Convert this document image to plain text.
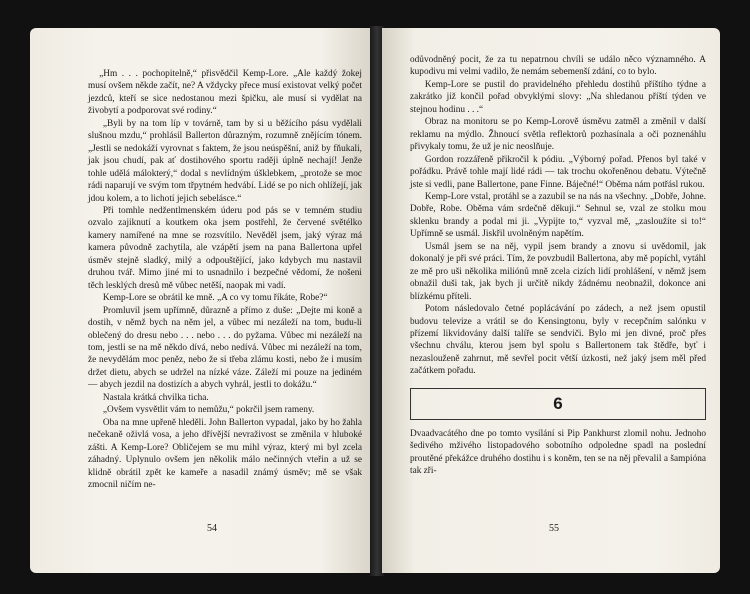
„Hm . . . pochopitelně,“ přisvědčil Kemp-Lore. „Ale každý žokej musí ovšem někde začít, ne? A vždycky přece musí existovat velký počet jezdců, kteří se sice nedostanou mezi špičku, ale musí si vydělat na živobytí a podporovat své rodiny.“

„Byli by na tom líp v továrně, tam by si u běžícího pásu vydělali slušnou mzdu,“ prohlásil Ballerton důrazným, rozumně znějícím tónem. „Jestli se nedokáží vyrovnat s faktem, že jsou neúspěšní, aniž by fňukali, jak jsou chudí, pak ať dostihového sportu raději úplně nechají! Jenže tohle udělá málokterý,“ dodal s nevlídným úšklebkem, „protože se moc rádi naparují ve svým tom třpytném hedvábí. Lidé se po nich ohlížejí, jak jdou kolem, a to lichotí jejich sebelásce.“

Při tomhle nedžentlmenském úderu pod pás se v temném studiu ozvalo zajiknutí a koutkem oka jsem postřehl, že červené světélko kamery namířené na mne se rozsvítilo. Nevěděl jsem, jaký výraz má kamera původně zachytila, ale vzápětí jsem na pana Ballertona upřel úsměv stejně sladký, milý a odpouštějící, jako kdybych mu nastavil druhou tvář. Mimo jiné mi to usnadnilo i bezpečné vědomí, že nošeni těch lesklých dresů mě vůbec netěší, naopak mi vadí.

Kemp-Lore se obrátil ke mně. „A co vy tomu říkáte, Robe?“

Promluvil jsem upřímně, důrazně a přímo z duše: „Dejte mi koně a dostih, v němž bych na něm jel, a vůbec mi nezáleží na tom, budu-li oblečený do dresu nebo . . . nebo . . . do pyžama. Vůbec mi nezáleží na tom, jestli se na mě někdo dívá, nebo nedívá. Vůbec mi nezáleží na tom, že nevydělám moc peněz, nebo že si třeba zlámu kosti, nebo že i musím držet dietu, abych se udržel na nízké váze. Záleží mi pouze na jediném — abych jezdil na dostizích a abych vyhrál, jestli to dokážu.“

Nastala krátká chvilka ticha.

„Ovšem vysvětlit vám to nemůžu,“ pokrčil jsem rameny.

Oba na mne upřeně hleděli. John Ballerton vypadal, jako by ho žahla nečekaně oživlá vosa, a jeho dřívější nevraživost se změnila v hluboké zášti. A Kemp-Lore? Obličejem se mu mihl výraz, který mi byl zcela záhadný. Uplynulo ovšem jen několik málo nečinných vteřin a už se klidně obrátil zpět ke kameře a nasadil známý úsměv; mě se však zmocnil ničím ne-

54

odůvodněný pocit, že za tu nepatrnou chvíli se událo něco významného. A kupodivu mi velmi vadilo, že nemám sebemenší zdání, co to bylo.

Kemp-Lore se pustil do pravidelného přehledu dostihů příštího týdne a zakrátko již končil pořad obvyklými slovy: „Na shledanou příští týden ve stejnou hodinu . . .“

Obraz na monitoru se po Kemp-Lorově úsměvu zatměl a změnil v další reklamu na mýdlo. Žhnoucí světla reflektorů pozhasínala a oči poznenáhlu přivykaly tomu, že už je nic neoslňuje.

Gordon rozzářeně přikročil k pódiu. „Výborný pořad. Přenos byl také v pořádku. Právě tohle mají lidé rádi — tak trochu okořeněnou debatu. Výtečně jste si vedli, pane Ballertone, pane Finne. Báječné!“ Oběma nám potřásl rukou.

Kemp-Lore vstal, protáhl se a zazubil se na nás na všechny. „Dobře, Johne. Dobře, Robe. Oběma vám srdečně děkuji.“ Sehnul se, vzal ze stolku mou sklenku brandy a podal mi ji. „Vypijte to,“ vyzval mě, „zasloužíte si to!“ Upřímně se usmál. Jiskřil uvolněným napětím.

Usmál jsem se na něj, vypil jsem brandy a znovu si uvědomil, jak dokonalý je při své práci. Tím, že povzbudil Ballertona, aby mě popíchl, vytáhl ze mě pro uši několika miliónů mně zcela cizích lidí prohlášení, v němž jsem obnažil duši tak, jak bych ji určitě nikdy žádnému neobnažil, dokonce ani blízkému příteli.

Potom následovalo četné poplácávání po zádech, a než jsem opustil budovu televize a vrátil se do Kensingtonu, byly v recepčním salónku v přízemí likvidovány další talíře se sendviči. Bylo mi jen divné, proč přes všechnu chválu, kterou jsem byl spolu s Ballertonem tak štědře, byť i nezaslouženě zahrnut, mě sevřel pocit větší úzkosti, než jaký jsem měl před začátkem pořadu.

6

Dvaadvacátého dne po tomto vysílání si Pip Pankhurst zlomil nohu. Jednoho šedivého mživého listopadového sobotního odpoledne spadl na poslední proutěné překážce druhého dostihu i s koněm, ten se na něj převalil a šampióna tak zři-

55
